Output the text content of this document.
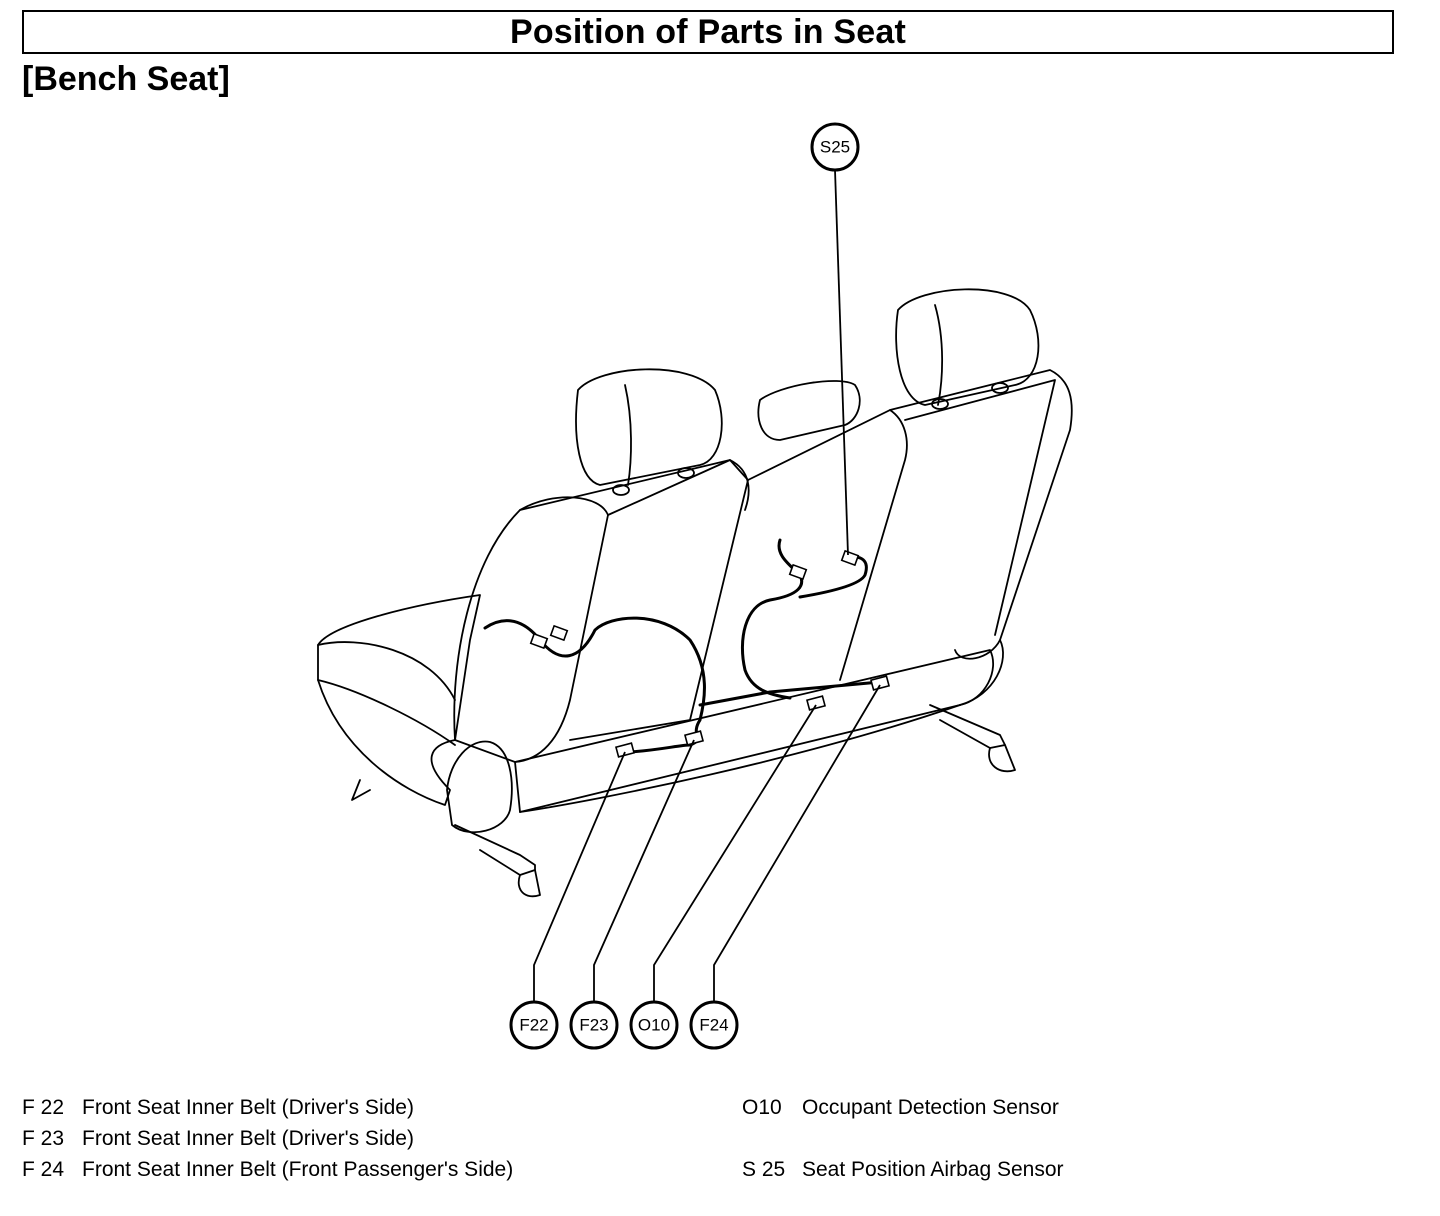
Position of Parts in Seat
[Bench Seat]
S25
F22 F23 O10 F24
F 22 Front Seat Inner Belt (Driver's Side)
F 23 Front Seat Inner Belt (Driver's Side)
F 24 Front Seat Inner Belt (Front Passenger's Side)
O10 Occupant Detection Sensor
S 25 Seat Position Airbag Sensor
